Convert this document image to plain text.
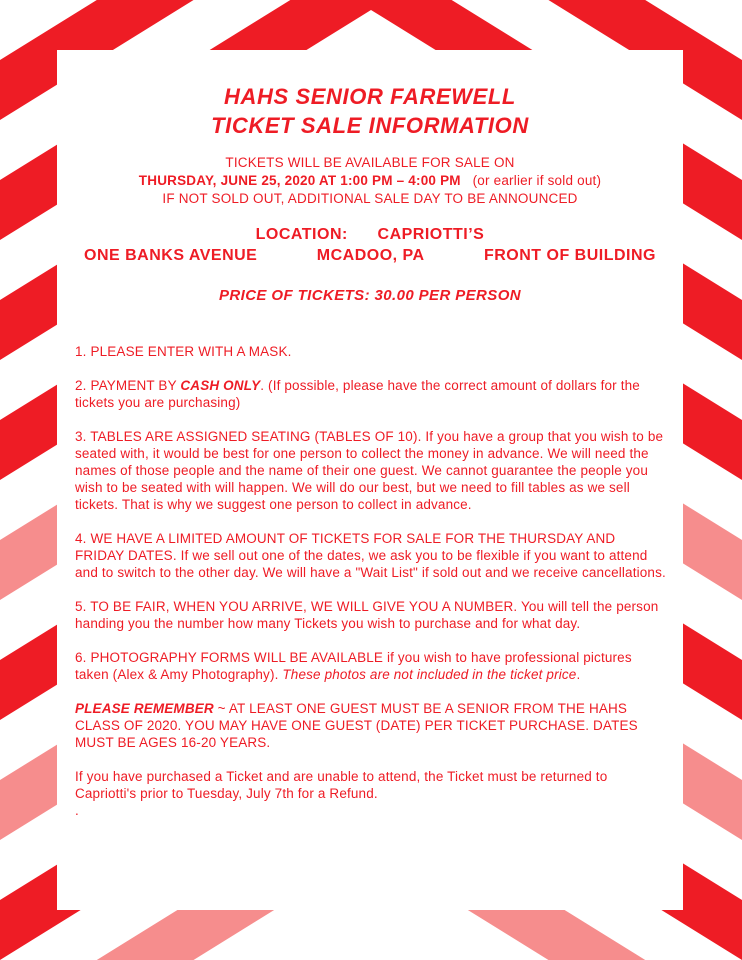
HAHS SENIOR FAREWELL
TICKET SALE INFORMATION
TICKETS WILL BE AVAILABLE FOR SALE ON
THURSDAY, JUNE 25, 2020 AT 1:00 PM – 4:00 PM (or earlier if sold out)
IF NOT SOLD OUT, ADDITIONAL SALE DAY TO BE ANNOUNCED
LOCATION: CAPRIOTTI’S
ONE BANKS AVENUE	MCADOO, PA	FRONT OF BUILDING
PRICE OF TICKETS: 30.00 PER PERSON

1. PLEASE ENTER WITH A MASK.

2. PAYMENT BY CASH ONLY. (If possible, please have the correct amount of dollars for the tickets you are purchasing)

3. TABLES ARE ASSIGNED SEATING (TABLES OF 10). If you have a group that you wish to be seated with, it would be best for one person to collect the money in advance. We will need the names of those people and the name of their one guest. We cannot guarantee the people you wish to be seated with will happen. We will do our best, but we need to fill tables as we sell tickets. That is why we suggest one person to collect in advance.

4. WE HAVE A LIMITED AMOUNT OF TICKETS FOR SALE FOR THE THURSDAY AND FRIDAY DATES. If we sell out one of the dates, we ask you to be flexible if you want to attend and to switch to the other day. We will have a "Wait List" if sold out and we receive cancellations.

5. TO BE FAIR, WHEN YOU ARRIVE, WE WILL GIVE YOU A NUMBER. You will tell the person handing you the number how many Tickets you wish to purchase and for what day.

6. PHOTOGRAPHY FORMS WILL BE AVAILABLE if you wish to have professional pictures taken (Alex & Amy Photography). These photos are not included in the ticket price.

PLEASE REMEMBER ~ AT LEAST ONE GUEST MUST BE A SENIOR FROM THE HAHS CLASS OF 2020. YOU MAY HAVE ONE GUEST (DATE) PER TICKET PURCHASE. DATES MUST BE AGES 16-20 YEARS.

If you have purchased a Ticket and are unable to attend, the Ticket must be returned to Capriotti's prior to Tuesday, July 7th for a Refund.
.
